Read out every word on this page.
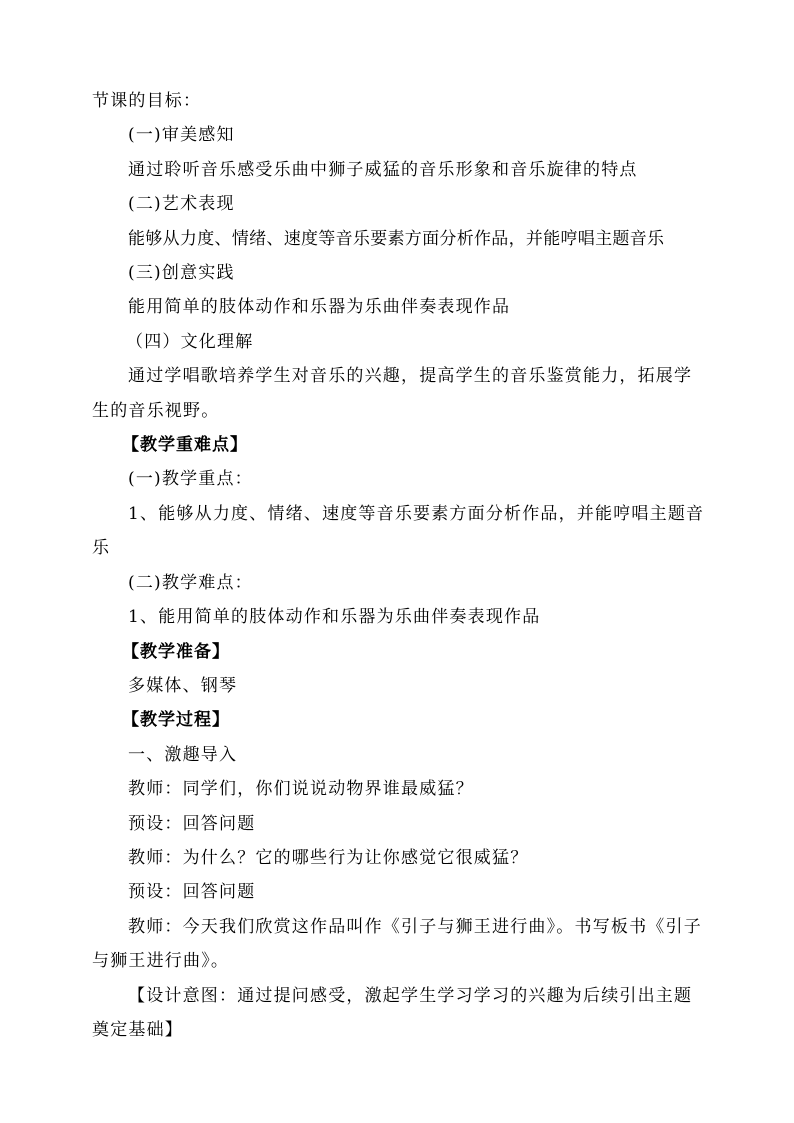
节课的目标：
(一)审美感知
通过聆听音乐感受乐曲中狮子威猛的音乐形象和音乐旋律的特点
(二)艺术表现
能够从力度、情绪、速度等音乐要素方面分析作品，并能哼唱主题音乐
(三)创意实践
能用简单的肢体动作和乐器为乐曲伴奏表现作品
（四）文化理解
通过学唱歌培养学生对音乐的兴趣，提高学生的音乐鉴赏能力，拓展学生的音乐视野。
【教学重难点】
(一)教学重点：
1、能够从力度、情绪、速度等音乐要素方面分析作品，并能哼唱主题音乐
(二)教学难点：
1、能用简单的肢体动作和乐器为乐曲伴奏表现作品
【教学准备】
多媒体、钢琴
【教学过程】
一、激趣导入
教师：同学们，你们说说动物界谁最威猛？
预设：回答问题
教师：为什么？它的哪些行为让你感觉它很威猛？
预设：回答问题
教师：今天我们欣赏这作品叫作《引子与狮王进行曲》。书写板书《引子与狮王进行曲》。
【设计意图：通过提问感受，激起学生学习学习的兴趣为后续引出主题奠定基础】
